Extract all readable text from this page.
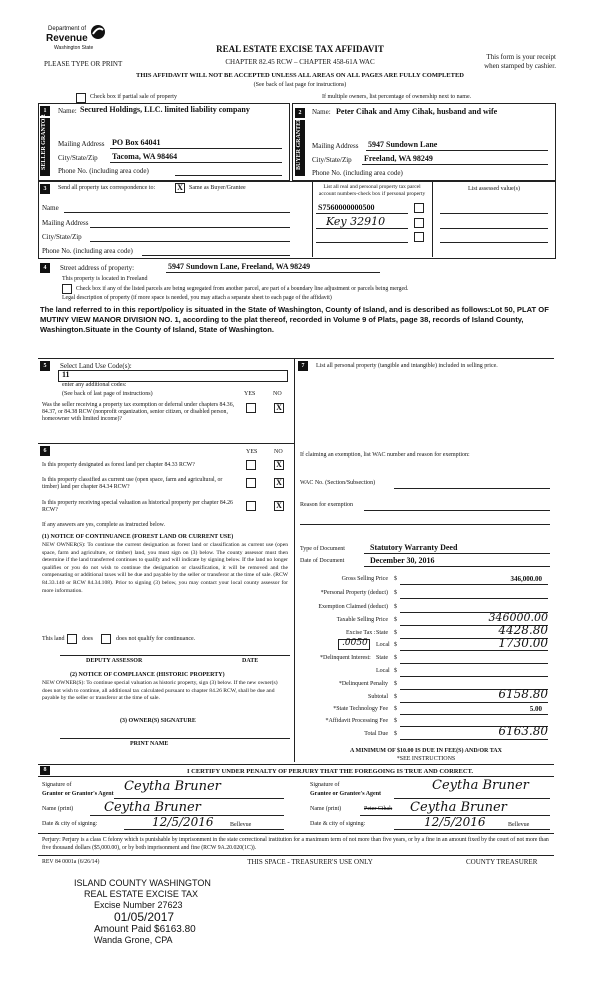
Department of
Revenue
Washington State	REAL ESTATE EXCISE TAX AFFIDAVIT
CHAPTER 82.45 RCW – CHAPTER 458-61A WAC
PLEASE TYPE OR PRINT
This form is your receipt
when stamped by cashier.
THIS AFFIDAVIT WILL NOT BE ACCEPTED UNLESS ALL AREAS ON ALL PAGES ARE FULLY COMPLETED
(See back of last page for instructions)
Check box if partial sale of property	If multiple owners, list percentage of ownership next to name.
1
SELLER GRANTOR
Name: Secured Holdings, LLC. limited liability company
Mailing Address PO Box 64041
City/State/Zip Tacoma, WA 98464
Phone No. (including area code)
2
BUYER GRANTEE
Name: Peter Cihak and Amy Cihak, husband and wife
Mailing Address 5947 Sundown Lane
City/State/Zip Freeland, WA 98249
Phone No. (including area code)
3	Send all property tax correspondence to:	X	Same as Buyer/Grantee
Name
Mailing Address
City/State/Zip
Phone No. (including area code)
List all real and personal property tax parcel account numbers-check box if personal property
List assessed value(s)
S7560000000500
Key 32910
4	Street address of property:	5947 Sundown Lane, Freeland, WA 98249
This property is located in Freeland
Check box if any of the listed parcels are being segregated from another parcel, are part of a boundary line adjustment or parcels being merged.
Legal description of property (if more space is needed, you may attach a separate sheet to each page of the affidavit)
The land referred to in this report/policy is situated in the State of Washington, County of Island, and is described as follows:Lot 50, PLAT OF MUTINY VIEW MANOR DIVISION NO. 1, according to the plat thereof, recorded in Volume 9 of Plats, page 38, records of Island County, Washington.Situate in the County of Island, State of Washington.
5	Select Land Use Code(s):
11
enter any additional codes:
(See back of last page of instructions)	YES	NO
Was the seller receiving a property tax exemption or deferral under chapters 84.36, 84.37, or 84.38 RCW (nonprofit organization, senior citizen, or disabled person, homeowner with limited income)?
X
6	YES	NO
Is this property designated as forest land per chapter 84.33 RCW?	X
Is this property classified as current use (open space, farm and agricultural, or timber) land per chapter 84.34 RCW?	X
Is this property receiving special valuation as historical property per chapter 84.26 RCW?	X
If any answers are yes, complete as instructed below.
(1) NOTICE OF CONTINUANCE (FOREST LAND OR CURRENT USE)
NEW OWNER(S): To continue the current designation as forest land or classification as current use (open space, farm and agriculture, or timber) land, you must sign on (3) below. The county assessor must then determine if the land transferred continues to qualify and will indicate by signing below. If the land no longer qualifies or you do not wish to continue the designation or classification, it will be removed and the compensating or additional taxes will be due and payable by the seller or transferor at the time of sale. (RCW 84.33.140 or RCW 84.34.108). Prior to signing (3) below, you may contact your local county assessor for more information.
This land	does	does not qualify for continuance.
DEPUTY ASSESSOR	DATE
(2) NOTICE OF COMPLIANCE (HISTORIC PROPERTY)
NEW OWNER(S): To continue special valuation as historic property, sign (3) below. If the new owner(s) does not wish to continue, all additional tax calculated pursuant to chapter 84.26 RCW, shall be due and payable by the seller or transferor at the time of sale.
(3) OWNER(S) SIGNATURE
PRINT NAME
7	List all personal property (tangible and intangible) included in selling price.
If claiming an exemption, list WAC number and reason for exemption:
WAC No. (Section/Subsection)
Reason for exemption
Type of Document	Statutory Warranty Deed
Date of Document	December 30, 2016
Gross Selling Price $	346,000.00
*Personal Property (deduct) $
Exemption Claimed (deduct) $
Taxable Selling Price $	346000.00
Excise Tax : State $	4428.80
.0050 Local $	1730.00
*Delinquent Interest: State $
Local $
*Delinquent Penalty $
Subtotal $	6158.80
*State Technology Fee $	5.00
*Affidavit Processing Fee $
Total Due $	6163.80
A MINIMUM OF $10.00 IS DUE IN FEE(S) AND/OR TAX
*SEE INSTRUCTIONS
8	I CERTIFY UNDER PENALTY OF PERJURY THAT THE FOREGOING IS TRUE AND CORRECT.
Signature of
Grantor or Grantor's Agent Ceytha Bruner
Name (print) Ceytha Bruner
Date & city of signing:	12/5/2016	Bellevue
Signature of
Grantee or Grantee's Agent
Ceytha Bruner
Name (print)	Peter Cihak Ceytha Bruner
Date & city of signing:	12/5/2016	Bellevue
Perjury: Perjury is a class C felony which is punishable by imprisonment in the state correctional institution for a maximum term of not more than five years, or by a fine in an amount fixed by the court of not more than five thousand dollars ($5,000.00), or by both imprisonment and fine (RCW 9A.20.020(1C)).
REV 84 0001a (6/26/14)	THIS SPACE - TREASURER'S USE ONLY	COUNTY TREASURER
ISLAND COUNTY WASHINGTON
REAL ESTATE EXCISE TAX
Excise Number 27623
01/05/2017
Amount Paid $6163.80
Wanda Grone, CPA
